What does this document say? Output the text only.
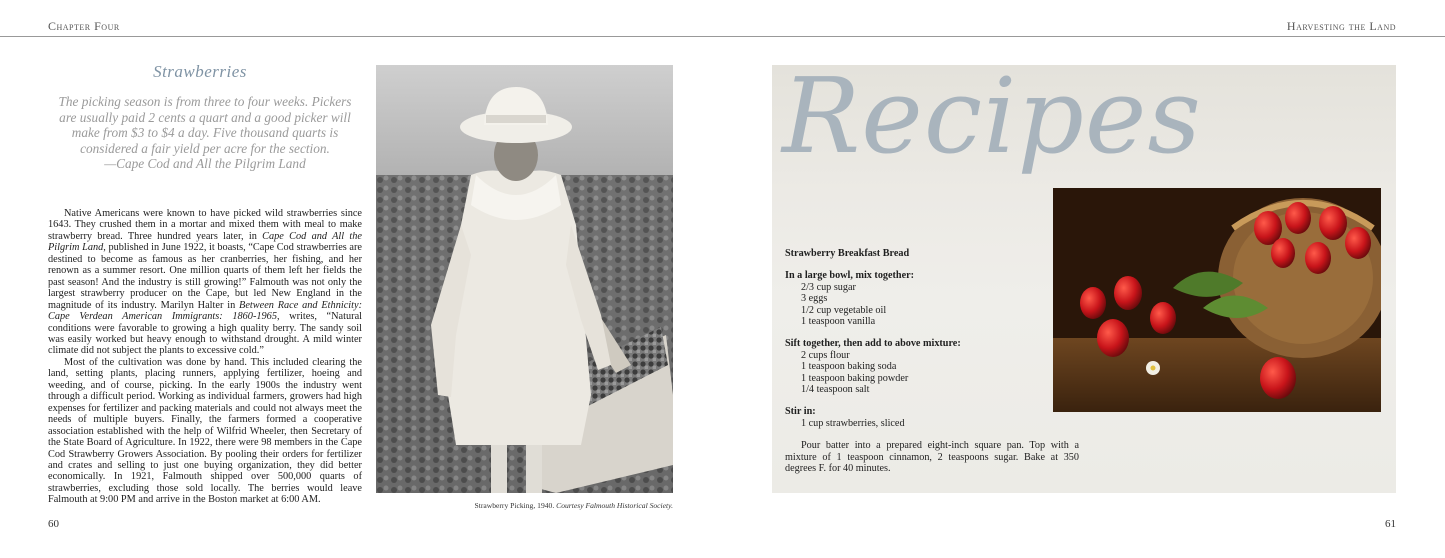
Chapter Four	Harvesting the Land
Strawberries
The picking season is from three to four weeks. Pickers are usually paid 2 cents a quart and a good picker will make from $3 to $4 a day. Five thousand quarts is considered a fair yield per acre for the section.
—Cape Cod and All the Pilgrim Land

Native Americans were known to have picked wild strawberries since 1643. They crushed them in a mortar and mixed them with meal to make strawberry bread. Three hundred years later, in Cape Cod and All the Pilgrim Land, published in June 1922, it boasts, “Cape Cod strawberries are destined to become as famous as her cranberries, her fishing, and her renown as a summer resort. One million quarts of them left her fields the past season! And the industry is still growing!” Falmouth was not only the largest strawberry producer on the Cape, but led New England in the magnitude of its industry. Marilyn Halter in Between Race and Ethnicity: Cape Verdean American Immigrants: 1860-1965, writes, “Natural conditions were favorable to growing a high quality berry. The sandy soil was easily worked but heavy enough to withstand drought. A mild winter climate did not subject the plants to excessive cold.”

Most of the cultivation was done by hand. This included clearing the land, setting plants, placing runners, applying fertilizer, hoeing and weeding, and of course, picking. In the early 1900s the industry went through a difficult period. Working as individual farmers, growers had high expenses for fertilizer and packing materials and could not always meet the needs of multiple buyers. Finally, the farmers formed a cooperative association established with the help of Wilfrid Wheeler, then Secretary of the State Board of Agriculture. In 1922, there were 98 members in the Cape Cod Strawberry Growers Association. By pooling their orders for fertilizer and crates and selling to just one buying organization, they did better economically. In 1921, Falmouth shipped over 500,000 quarts of strawberries, excluding those sold locally. The berries would leave Falmouth at 9:00 PM and arrive in the Boston market at 6:00 AM.

Strawberry Picking, 1940. Courtesy Falmouth Historical Society.
Recipes

Strawberry Breakfast Bread

In a large bowl, mix together:

2/3 cup sugar

3 eggs

1/2 cup vegetable oil

1 teaspoon vanilla

Sift together, then add to above mixture:

2 cups flour

1 teaspoon baking soda

1 teaspoon baking powder

1/4 teaspoon salt

Stir in:

1 cup strawberries, sliced

Pour batter into a prepared eight-inch square pan. Top with a mixture of 1 teaspoon cinnamon, 2 teaspoons sugar. Bake at 350 degrees F. for 40 minutes.

60	61
